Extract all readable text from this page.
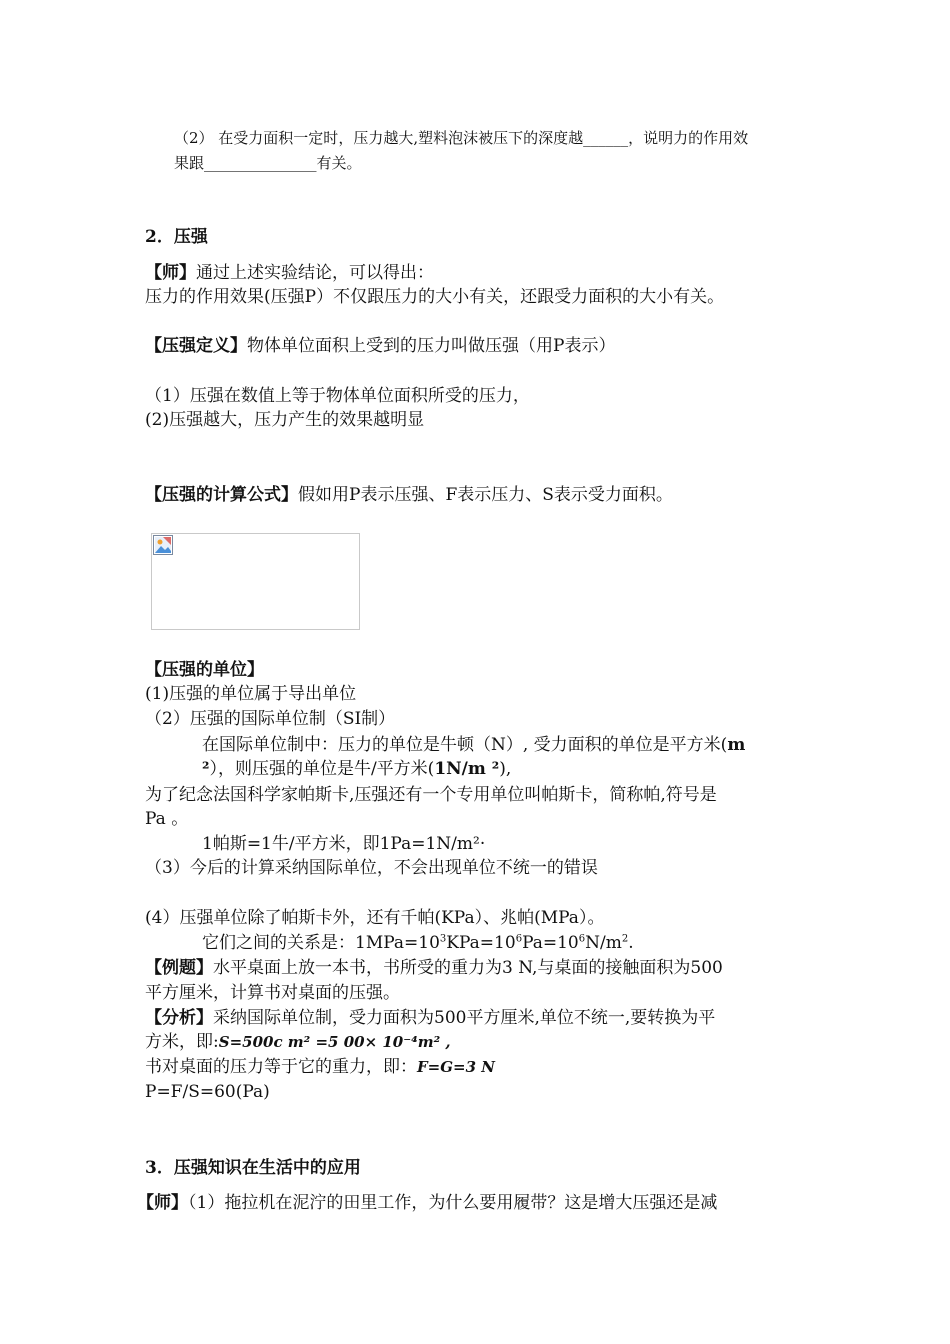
（2） 在受力面积一定时，压力越大,塑料泡沫被压下的深度越______，说明力的作用效
果跟_______________有关。
2．压强
【师】通过上述实验结论，可以得出：
压力的作用效果(压强P）不仅跟压力的大小有关，还跟受力面积的大小有关。
【压强定义】物体单位面积上受到的压力叫做压强（用P表示）
（1）压强在数值上等于物体单位面积所受的压力，
(2)压强越大，压力产生的效果越明显
【压强的计算公式】假如用P表示压强、F表示压力、S表示受力面积。
【压强的单位】
(1)压强的单位属于导出单位
（2）压强的国际单位制（SI制）
在国际单位制中：压力的单位是牛顿（N）, 受力面积的单位是平方米(m
²），则压强的单位是牛/平方米(1N/m ²),
为了纪念法国科学家帕斯卡,压强还有一个专用单位叫帕斯卡，简称帕,符号是
Pa 。
1帕斯=1牛/平方米，即1Pa=1N/m²·
（3）今后的计算采纳国际单位，不会出现单位不统一的错误
(4）压强单位除了帕斯卡外，还有千帕(KPa）、兆帕(MPa）。
它们之间的关系是：$1MPa=10^3KPa=10^6Pa=10^6N/m^2$.
【例题】水平桌面上放一本书，书所受的重力为3 N,与桌面的接触面积为500
平方厘米，计算书对桌面的压强。
【分析】采纳国际单位制，受力面积为500平方厘米,单位不统一,要转换为平
方米，即:S=500c m² =5 00× 10⁻⁴m² ,
书对桌面的压力等于它的重力，即：F=G=3 N
P=F/S=60(Pa)
3．压强知识在生活中的应用
【师】（1）拖拉机在泥泞的田里工作，为什么要用履带？这是增大压强还是减
